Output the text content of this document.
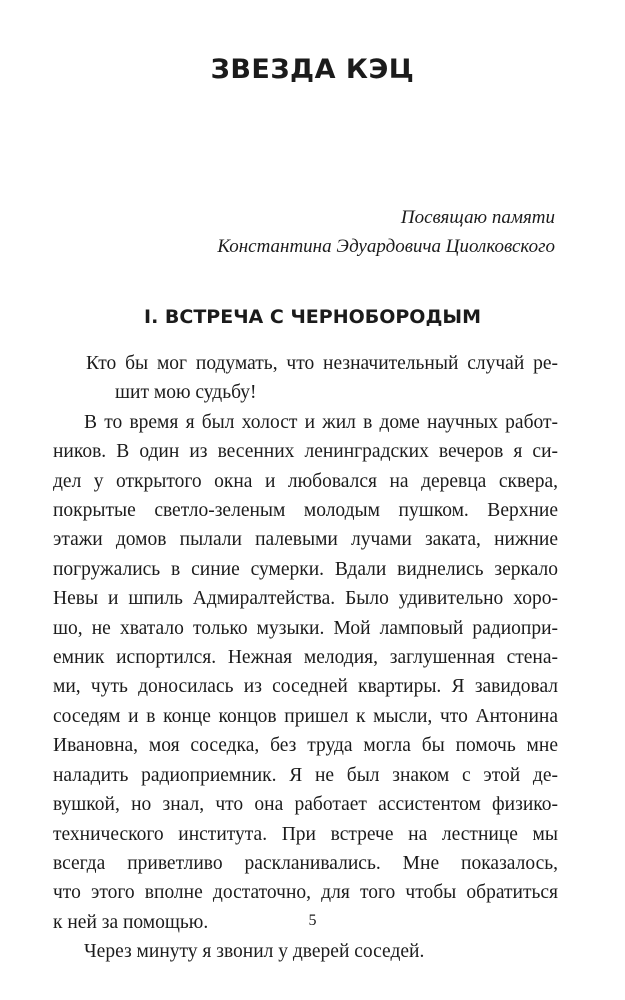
ЗВЕЗДА КЭЦ
Посвящаю памяти
Константина Эдуардовича Циолковского
I. ВСТРЕЧА С ЧЕРНОБОРОДЫМ

Кто бы мог подумать, что незначительный случай ре-
шит мою судьбу!

В то время я был холост и жил в доме научных работ-
ников. В один из весенних ленинградских вечеров я си-
дел у открытого окна и любовался на деревца сквера,
покрытые светло-зеленым молодым пушком. Верхние
этажи домов пылали палевыми лучами заката, нижние
погружались в синие сумерки. Вдали виднелись зеркало
Невы и шпиль Адмиралтейства. Было удивительно хоро-
шо, не хватало только музыки. Мой ламповый радиопри-
емник испортился. Нежная мелодия, заглушенная стена-
ми, чуть доносилась из соседней квартиры. Я завидовал
соседям и в конце концов пришел к мысли, что Антонина
Ивановна, моя соседка, без труда могла бы помочь мне
наладить радиоприемник. Я не был знаком с этой де-
вушкой, но знал, что она работает ассистентом физико-
технического института. При встрече на лестнице мы
всегда приветливо раскланивались. Мне показалось,
что этого вполне достаточно, для того чтобы обратиться
к ней за помощью.

Через минуту я звонил у дверей соседей.

5
